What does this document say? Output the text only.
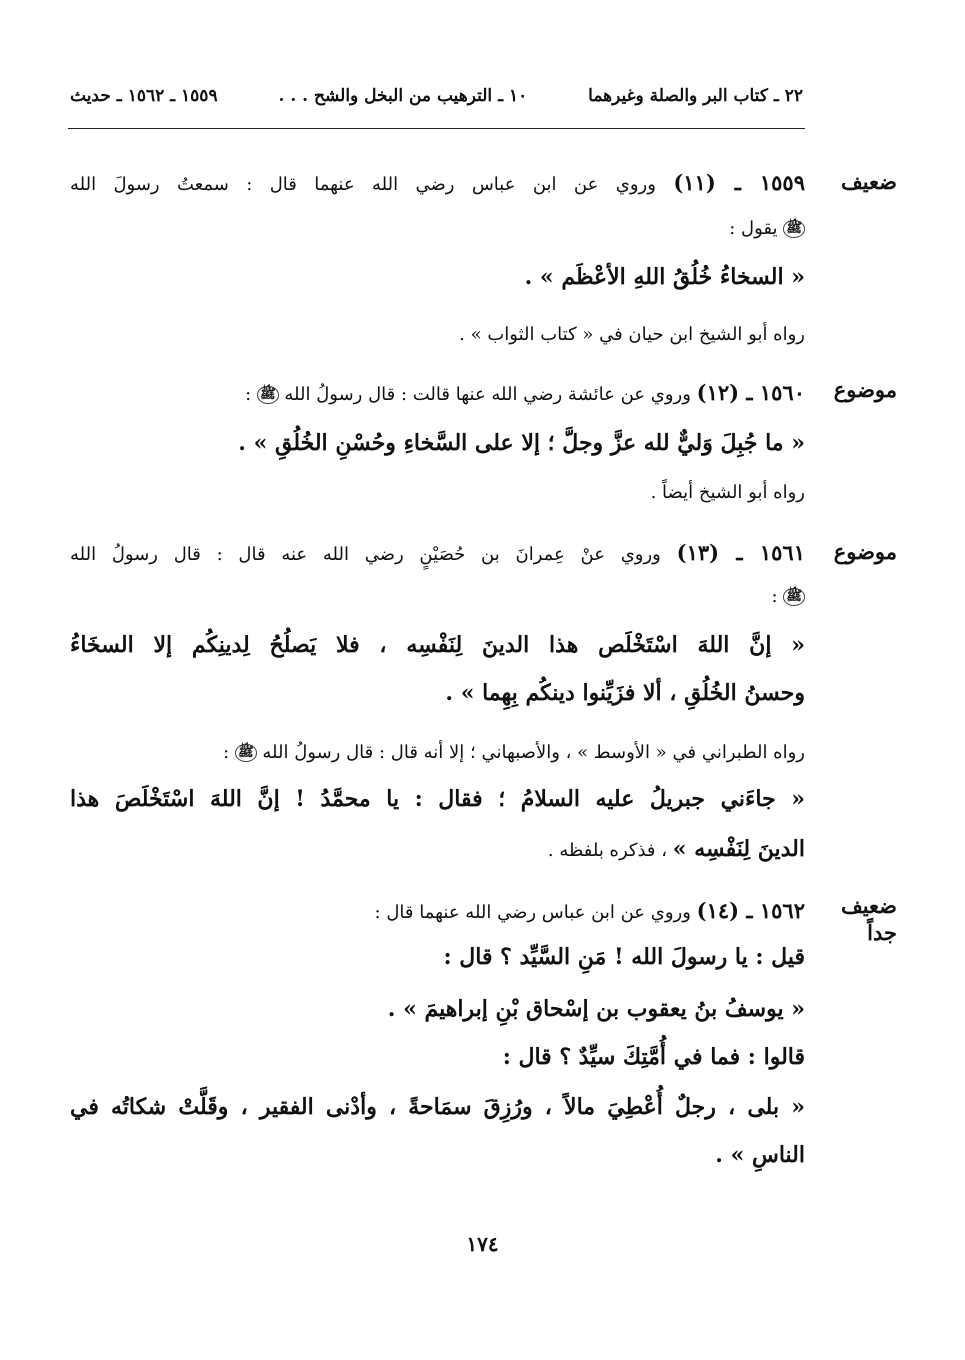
٢٢ ـ كتاب البر والصلة وغيرهما
١٠ ـ الترهيب من البخل والشح . . .
١٥٥٩ ـ ١٥٦٢ ـ حديث
ضعيف
١٥٥٩ ـ (١١) وروي عن ابن عباس رضي الله عنهما قال : سمعتُ رسولَ الله
ﷺ يقول :
« السخاءُ خُلُقُ اللهِ الأعْظَم » .
رواه أبو الشيخ ابن حيان في « كتاب الثواب » .
موضوع
١٥٦٠ ـ (١٢) وروي عن عائشة رضي الله عنها قالت : قال رسولُ الله ﷺ :
« ما جُبِلَ وَليٌّ لله عزَّ وجلَّ ؛ إلا على السَّخاءِ وحُسْنِ الخُلُقِ » .
رواه أبو الشيخ أيضاً .
موضوع
١٥٦١ ـ (١٣) وروي عنْ عِمرانَ بن حُصَيْنٍ رضي الله عنه قال : قال رسولُ الله
ﷺ :
« إنَّ اللهَ اسْتَخْلَص هذا الدينَ لِنَفْسِه ، فلا يَصلُحُ لِدينِكُم إلا السخَاءُ
وحسنُ الخُلُقِ ، ألا فزَيِّنوا دينكُم بِهِما » .
رواه الطبراني في « الأوسط » ، والأصبهاني ؛ إلا أنه قال : قال رسولُ الله ﷺ :
« جاءَني جبريلُ عليه السلامُ ؛ فقال : يا محمَّدُ ! إنَّ اللهَ اسْتَخْلَصَ هذا
الدينَ لِنَفْسِه » ، فذكره بلفظه .
ضعيف
جداً
١٥٦٢ ـ (١٤) وروي عن ابن عباس رضي الله عنهما قال :
قيل : يا رسولَ الله ! مَنِ السَّيِّد ؟ قال :
« يوسفُ بنُ يعقوب بن إسْحاق بْنِ إبراهيمَ » .
قالوا : فما في أُمَّتِكَ سيِّدٌ ؟ قال :
« بلى ، رجلٌ أُعْطِيَ مالاً ، ورُزِقَ سمَاحةً ، وأدْنى الفقير ، وقَلَّتْ شكاتُه في
الناسِ » .
١٧٤
